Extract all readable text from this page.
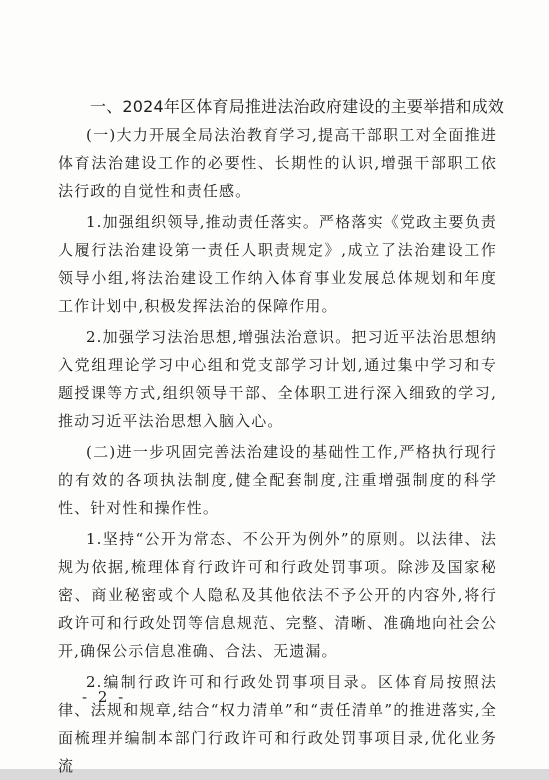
一、2024年区体育局推进法治政府建设的主要举措和成效

(一)大力开展全局法治教育学习,提高干部职工对全面推进体育法治建设工作的必要性、长期性的认识,增强干部职工依法行政的自觉性和责任感。

1.加强组织领导,推动责任落实。严格落实《党政主要负责人履行法治建设第一责任人职责规定》,成立了法治建设工作领导小组,将法治建设工作纳入体育事业发展总体规划和年度工作计划中,积极发挥法治的保障作用。

2.加强学习法治思想,增强法治意识。把习近平法治思想纳入党组理论学习中心组和党支部学习计划,通过集中学习和专题授课等方式,组织领导干部、全体职工进行深入细致的学习,推动习近平法治思想入脑入心。

(二)进一步巩固完善法治建设的基础性工作,严格执行现行的有效的各项执法制度,健全配套制度,注重增强制度的科学性、针对性和操作性。

1.坚持“公开为常态、不公开为例外”的原则。以法律、法规为依据,梳理体育行政许可和行政处罚事项。除涉及国家秘密、商业秘密或个人隐私及其他依法不予公开的内容外,将行政许可和行政处罚等信息规范、完整、清晰、准确地向社会公开,确保公示信息准确、合法、无遗漏。

2.编制行政许可和行政处罚事项目录。区体育局按照法律、法规和规章,结合“权力清单”和“责任清单”的推进落实,全面梳理并编制本部门行政许可和行政处罚事项目录,优化业务流

- 2 -
